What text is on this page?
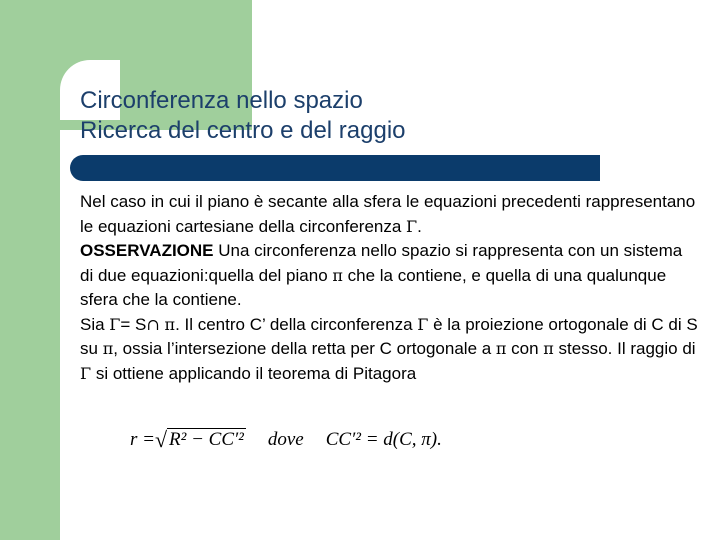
Circonferenza nello spazio
Ricerca del centro e del raggio

Nel caso in cui il piano è secante alla sfera le equazioni precedenti rappresentano le equazioni cartesiane della circonferenza Γ.

OSSERVAZIONE Una circonferenza nello spazio si rappresenta con un sistema di due equazioni:quella del piano π che la contiene, e quella di una qualunque sfera che la contiene.

Sia Γ= S∩ π. Il centro C’ della circonferenza Γ è la proiezione ortogonale di C di S su π, ossia l’intersezione della retta per C ortogonale a π con π stesso. Il raggio di Γ si ottiene applicando il teorema di Pitagora

r = √ R² − CC′² dove CC′² = d(C, π).
